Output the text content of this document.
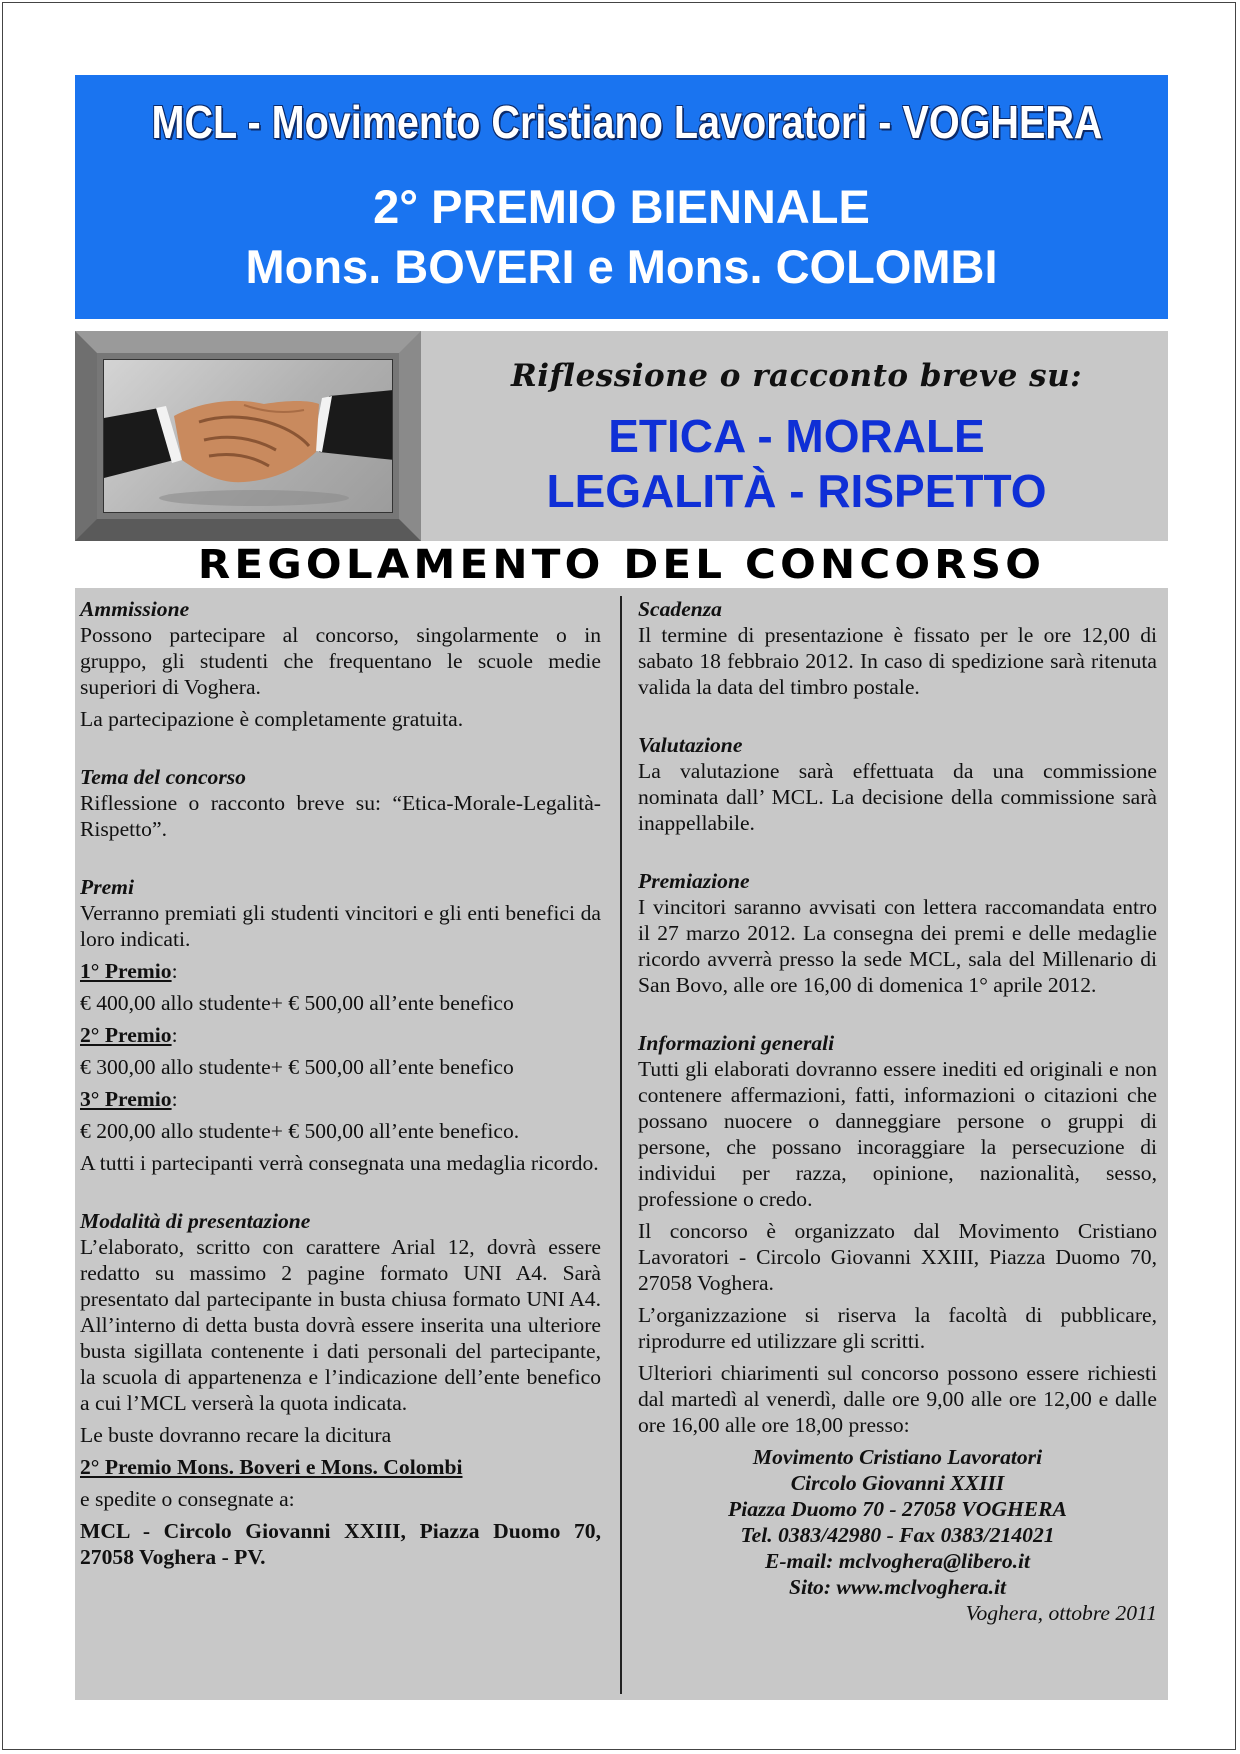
MCL - Movimento Cristiano Lavoratori - VOGHERA
2° PREMIO BIENNALE
Mons. BOVERI e Mons. COLOMBI
Riflessione o racconto breve su:
ETICA - MORALE
LEGALITÀ - RISPETTO
REGOLAMENTO DEL CONCORSO

Ammissione

Possono partecipare al concorso, singolarmente o in gruppo, gli studenti che frequentano le scuole medie superiori di Voghera.

La partecipazione è completamente gratuita.

Tema del concorso

Riflessione o racconto breve su: “Etica-Morale-Legalità-Rispetto”.

Premi

Verranno premiati gli studenti vincitori e gli enti benefici da loro indicati.

1° Premio:

€ 400,00 allo studente+ € 500,00 all’ente benefico

2° Premio:

€ 300,00 allo studente+ € 500,00 all’ente benefico

3° Premio:

€ 200,00 allo studente+ € 500,00 all’ente benefico.

A tutti i partecipanti verrà consegnata una medaglia ricordo.

Modalità di presentazione

L’elaborato, scritto con carattere Arial 12, dovrà essere redatto su massimo 2 pagine formato UNI A4. Sarà presentato dal partecipante in busta chiusa formato UNI A4. All’interno di detta busta dovrà essere inserita una ulteriore busta sigillata contenente i dati personali del partecipante, la scuola di appartenenza e l’indicazione dell’ente benefico a cui l’MCL verserà la quota indicata.

Le buste dovranno recare la dicitura

2° Premio Mons. Boveri e Mons. Colombi

e spedite o consegnate a:

MCL - Circolo Giovanni XXIII, Piazza Duomo 70, 27058 Voghera - PV.

Scadenza

Il termine di presentazione è fissato per le ore 12,00 di sabato 18 febbraio 2012. In caso di spedizione sarà ritenuta valida la data del timbro postale.

Valutazione

La valutazione sarà effettuata da una commissione nominata dall’ MCL. La decisione della commissione sarà inappellabile.

Premiazione

I vincitori saranno avvisati con lettera raccomandata entro il 27 marzo 2012. La consegna dei premi e delle medaglie ricordo avverrà presso la sede MCL, sala del Millenario di San Bovo, alle ore 16,00 di domenica 1° aprile 2012.

Informazioni generali

Tutti gli elaborati dovranno essere inediti ed originali e non contenere affermazioni, fatti, informazioni o citazioni che possano nuocere o danneggiare persone o gruppi di persone, che possano incoraggiare la persecuzione di individui per razza, opinione, nazionalità, sesso, professione o credo.

Il concorso è organizzato dal Movimento Cristiano Lavoratori - Circolo Giovanni XXIII, Piazza Duomo 70, 27058 Voghera.

L’organizzazione si riserva la facoltà di pubblicare, riprodurre ed utilizzare gli scritti.

Ulteriori chiarimenti sul concorso possono essere richiesti dal martedì al venerdì, dalle ore 9,00 alle ore 12,00 e dalle ore 16,00 alle ore 18,00 presso:

Movimento Cristiano Lavoratori

Circolo Giovanni XXIII

Piazza Duomo 70 - 27058 VOGHERA

Tel. 0383/42980 - Fax 0383/214021

E-mail: mclvoghera@libero.it

Sito: www.mclvoghera.it

Voghera, ottobre 2011
